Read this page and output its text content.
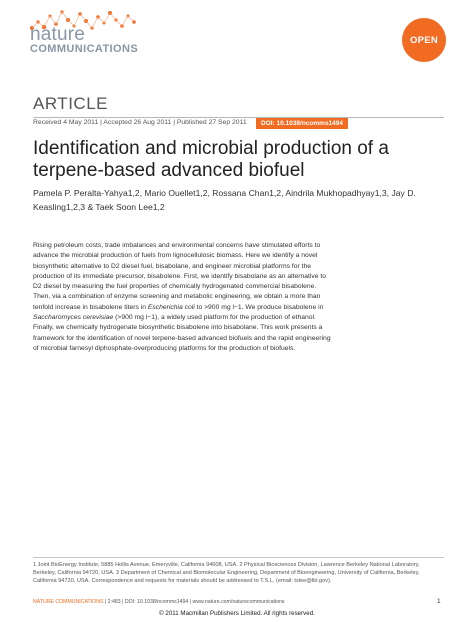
nature
COMMUNICATIONS
OPEN
ARTICLE
Received 4 May 2011 | Accepted 26 Aug 2011 | Published 27 Sep 2011	DOI: 10.1038/ncomms1494
Identification and microbial production of a terpene-based advanced biofuel
Pamela P. Peralta-Yahya1,2, Mario Ouellet1,2, Rossana Chan1,2, Aindrila Mukhopadhyay1,3, Jay D. Keasling1,2,3 & Taek Soon Lee1,2

Rising petroleum costs, trade imbalances and environmental concerns have stimulated efforts to advance the microbial production of fuels from lignocellulosic biomass. Here we identify a novel biosynthetic alternative to D2 diesel fuel, bisabolane, and engineer microbial platforms for the production of its immediate precursor, bisabolene. First, we identify bisabolane as an alternative to D2 diesel by measuring the fuel properties of chemically hydrogenated commercial bisabolene. Then, via a combination of enzyme screening and metabolic engineering, we obtain a more than tenfold increase in bisabolene titers in Escherichia coli to >900 mg l−1. We produce bisabolene in Saccharomyces cerevisiae (>900 mg l−1), a widely used platform for the production of ethanol. Finally, we chemically hydrogenate biosynthetic bisabolene into bisabolane. This work presents a framework for the identification of novel terpene-based advanced biofuels and the rapid engineering of microbial farnesyl diphosphate-overproducing platforms for the production of biofuels.

1 Joint BioEnergy Institute, 5885 Hollis Avenue, Emeryville, California 94608, USA. 2 Physical Biosciences Division, Lawrence Berkeley National Laboratory, Berkeley, California 94720, USA. 3 Department of Chemical and Biomolecular Engineering, Department of Bioengineering, University of California, Berkeley, California 94720, USA. Correspondence and requests for materials should be addressed to T.S.L. (email: tslee@lbl.gov).
NATURE COMMUNICATIONS | 2:483 | DOI: 10.1038/ncomms1494 | www.nature.com/naturecommunications	1
© 2011 Macmillan Publishers Limited. All rights reserved.
